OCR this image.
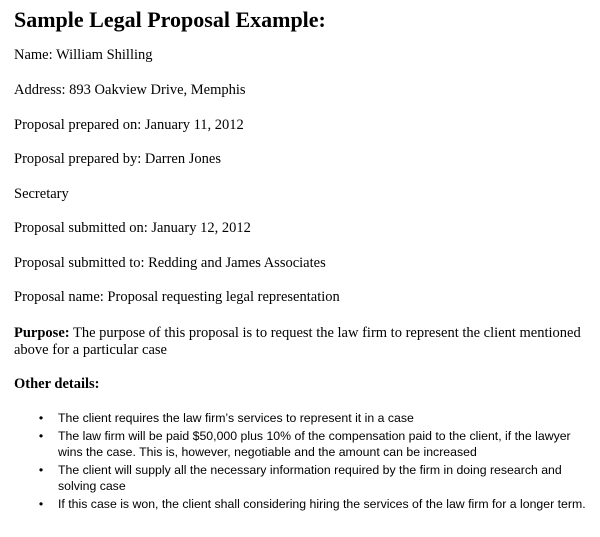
Sample Legal Proposal Example:

Name: William Shilling

Address: 893 Oakview Drive, Memphis

Proposal prepared on: January 11, 2012

Proposal prepared by: Darren Jones

Secretary

Proposal submitted on: January 12, 2012

Proposal submitted to: Redding and James Associates

Proposal name: Proposal requesting legal representation

Purpose: The purpose of this proposal is to request the law firm to represent the client mentioned above for a particular case

Other details:

• The client requires the law firm’s services to represent it in a case
• The law firm will be paid $50,000 plus 10% of the compensation paid to the client, if the lawyer wins the case. This is, however, negotiable and the amount can be increased
• The client will supply all the necessary information required by the firm in doing research and solving case
• If this case is won, the client shall considering hiring the services of the law firm for a longer term.
